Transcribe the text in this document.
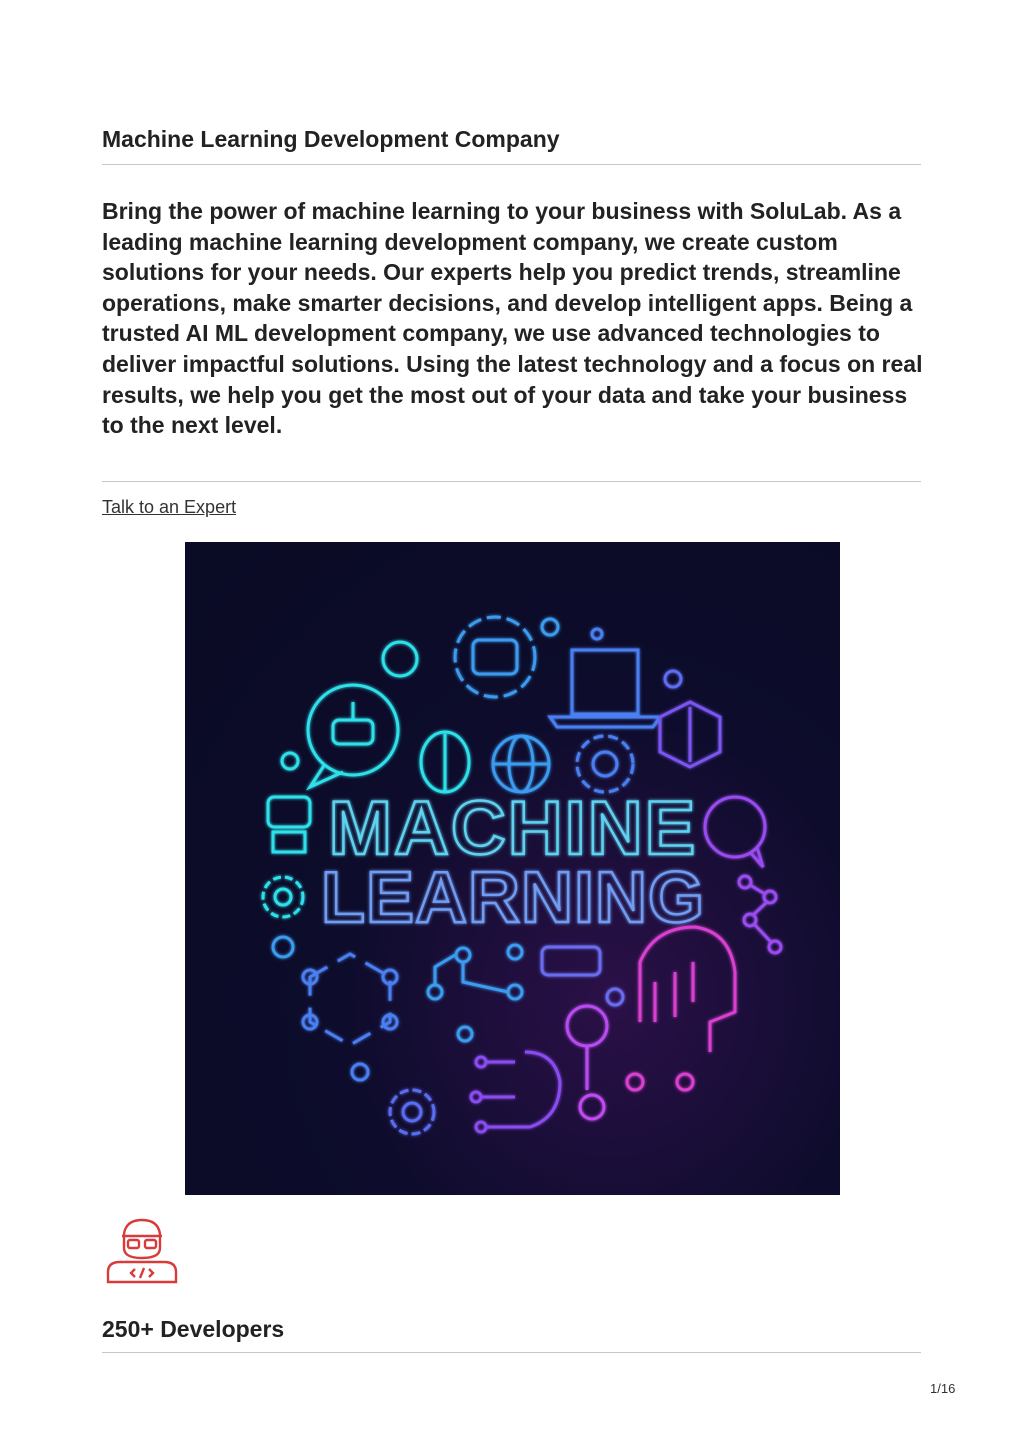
Machine Learning Development Company

Bring the power of machine learning to your business with SoluLab. As a leading machine learning development company, we create custom solutions for your needs. Our experts help you predict trends, streamline operations, make smarter decisions, and develop intelligent apps. Being a trusted AI ML development company, we use advanced technologies to deliver impactful solutions. Using the latest technology and a focus on real results, we help you get the most out of your data and take your business to the next level.

Talk to an Expert
MACHINE
LEARNING
250+ Developers
1/16
